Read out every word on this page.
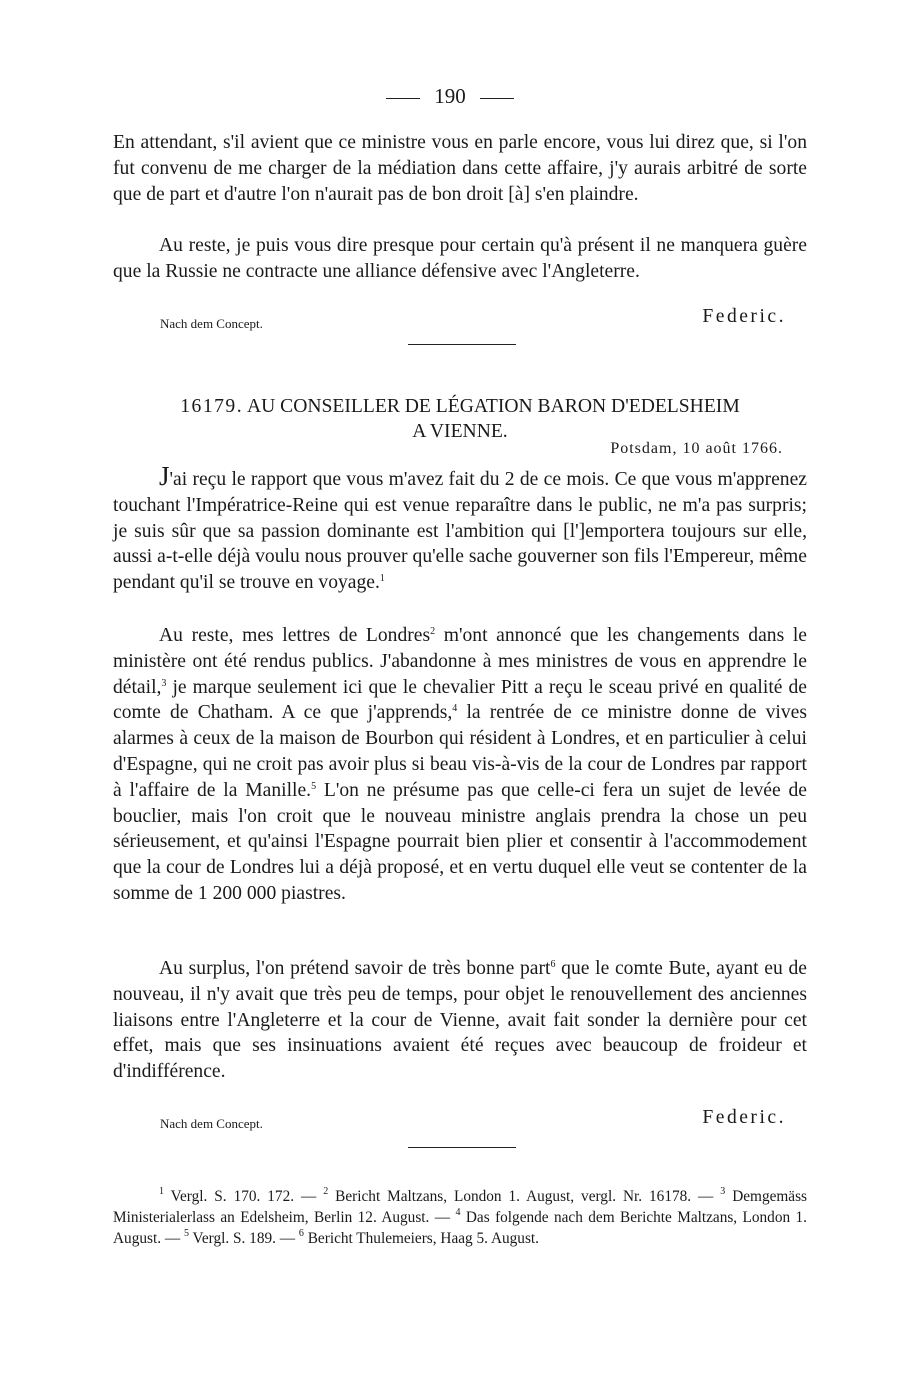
190

En attendant, s'il avient que ce ministre vous en parle encore, vous lui direz que, si l'on fut convenu de me charger de la médiation dans cette affaire, j'y aurais arbitré de sorte que de part et d'autre l'on n'aurait pas de bon droit [à] s'en plaindre.

Au reste, je puis vous dire presque pour certain qu'à présent il ne manquera guère que la Russie ne contracte une alliance défensive avec l'Angleterre.

Nach dem Concept.	Federic.

16179. AU CONSEILLER DE LÉGATION BARON D'EDELSHEIM
A VIENNE.

Potsdam, 10 août 1766.

J'ai reçu le rapport que vous m'avez fait du 2 de ce mois. Ce que vous m'apprenez touchant l'Impératrice-Reine qui est venue reparaître dans le public, ne m'a pas surpris; je suis sûr que sa passion dominante est l'ambition qui [l']emportera toujours sur elle, aussi a-t-elle déjà voulu nous prouver qu'elle sache gouverner son fils l'Empereur, même pendant qu'il se trouve en voyage.$^1$

Au reste, mes lettres de Londres$^2$ m'ont annoncé que les changements dans le ministère ont été rendus publics. J'abandonne à mes ministres de vous en apprendre le détail,$^3$ je marque seulement ici que le chevalier Pitt a reçu le sceau privé en qualité de comte de Chatham. A ce que j'apprends,$^4$ la rentrée de ce ministre donne de vives alarmes à ceux de la maison de Bourbon qui résident à Londres, et en particulier à celui d'Espagne, qui ne croit pas avoir plus si beau vis-à-vis de la cour de Londres par rapport à l'affaire de la Manille.$^5$ L'on ne présume pas que celle-ci fera un sujet de levée de bouclier, mais l'on croit que le nouveau ministre anglais prendra la chose un peu sérieusement, et qu'ainsi l'Espagne pourrait bien plier et consentir à l'accommodement que la cour de Londres lui a déjà proposé, et en vertu duquel elle veut se contenter de la somme de 1 200 000 piastres.

Au surplus, l'on prétend savoir de très bonne part$^6$ que le comte Bute, ayant eu de nouveau, il n'y avait que très peu de temps, pour objet le renouvellement des anciennes liaisons entre l'Angleterre et la cour de Vienne, avait fait sonder la dernière pour cet effet, mais que ses insinuations avaient été reçues avec beaucoup de froideur et d'indifférence.

Nach dem Concept.	Federic.

$^1$ Vergl. S. 170. 172. — $^2$ Bericht Maltzans, London 1. August, vergl. Nr. 16178. — $^3$ Demgemäss Ministerialerlass an Edelsheim, Berlin 12. August. — $^4$ Das folgende nach dem Berichte Maltzans, London 1. August. — $^5$ Vergl. S. 189. — $^6$ Bericht Thulemeiers, Haag 5. August.
